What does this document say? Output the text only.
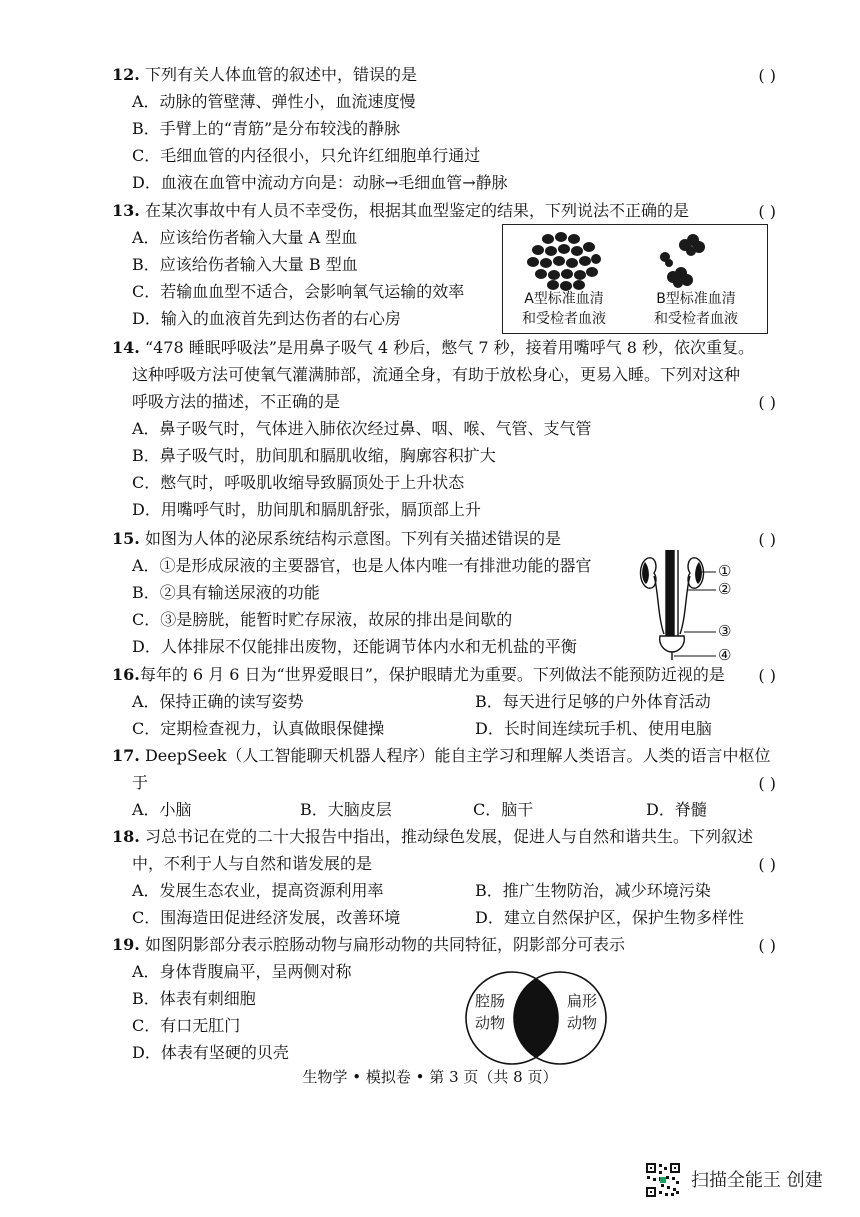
12. 下列有关人体血管的叙述中，错误的是	( )
A．动脉的管壁薄、弹性小，血流速度慢
B．手臂上的“青筋”是分布较浅的静脉
C．毛细血管的内径很小，只允许红细胞单行通过
D．血液在血管中流动方向是：动脉→毛细血管→静脉
13. 在某次事故中有人员不幸受伤，根据其血型鉴定的结果，下列说法不正确的是	( )
A．应该给伤者输入大量 A 型血
B．应该给伤者输入大量 B 型血
C．若输血血型不适合，会影响氧气运输的效率
D．输入的血液首先到达伤者的右心房
A型标准血清
和受检者血液
B型标准血清
和受检者血液
14. “478 睡眠呼吸法”是用鼻子吸气 4 秒后，憋气 7 秒，接着用嘴呼气 8 秒，依次重复。
这种呼吸方法可使氧气灌满肺部，流通全身，有助于放松身心，更易入睡。下列对这种
呼吸方法的描述，不正确的是	( )
A．鼻子吸气时，气体进入肺依次经过鼻、咽、喉、气管、支气管
B．鼻子吸气时，肋间肌和膈肌收缩，胸廓容积扩大
C．憋气时，呼吸肌收缩导致膈顶处于上升状态
D．用嘴呼气时，肋间肌和膈肌舒张，膈顶部上升
15. 如图为人体的泌尿系统结构示意图。下列有关描述错误的是	( )
A．①是形成尿液的主要器官，也是人体内唯一有排泄功能的器官
B．②具有输送尿液的功能
C．③是膀胱，能暂时贮存尿液，故尿的排出是间歇的
D．人体排尿不仅能排出废物，还能调节体内水和无机盐的平衡
①
②
③
④
16.每年的 6 月 6 日为“世界爱眼日”，保护眼睛尤为重要。下列做法不能预防近视的是 ( )
A．保持正确的读写姿势	B．每天进行足够的户外体育活动
C．定期检查视力，认真做眼保健操	D．长时间连续玩手机、使用电脑
17. DeepSeek（人工智能聊天机器人程序）能自主学习和理解人类语言。人类的语言中枢位
于	( )
A．小脑	B．大脑皮层	C．脑干	D．脊髓
18. 习总书记在党的二十大报告中指出，推动绿色发展，促进人与自然和谐共生。下列叙述
中，不利于人与自然和谐发展的是	( )
A．发展生态农业，提高资源利用率	B．推广生物防治，减少环境污染
C．围海造田促进经济发展，改善环境	D．建立自然保护区，保护生物多样性
19. 如图阴影部分表示腔肠动物与扁形动物的共同特征，阴影部分可表示	( )
A．身体背腹扁平，呈两侧对称
B．体表有刺细胞
C．有口无肛门
D．体表有坚硬的贝壳
腔肠
动物
扁形
动物
生物学 • 模拟卷 • 第 3 页（共 8 页）
扫描全能王 创建
